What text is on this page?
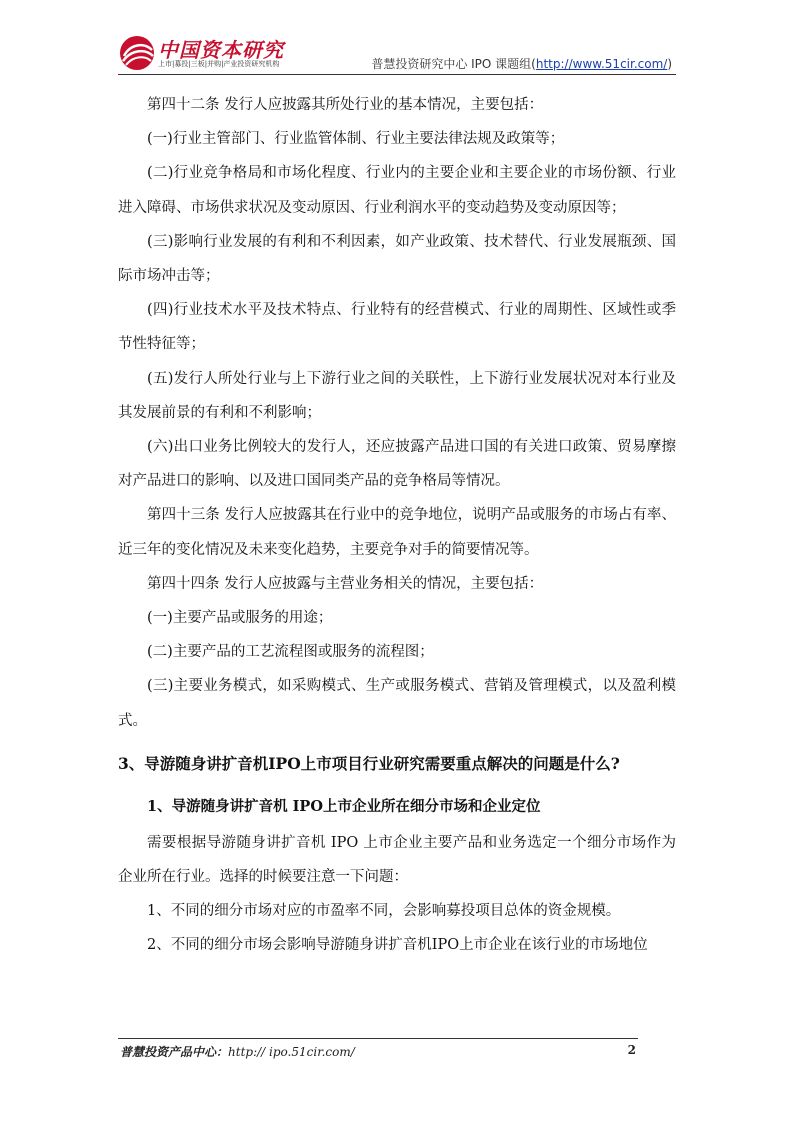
中国资本研究
上市|募投|三板|并购|产业投资研究机构	普慧投资研究中心 IPO 课题组(http://www.51cir.com/)

第四十二条 发行人应披露其所处行业的基本情况，主要包括：

(一)行业主管部门、行业监管体制、行业主要法律法规及政策等；

(二)行业竞争格局和市场化程度、行业内的主要企业和主要企业的市场份额、行业进入障碍、市场供求状况及变动原因、行业利润水平的变动趋势及变动原因等；

(三)影响行业发展的有利和不利因素，如产业政策、技术替代、行业发展瓶颈、国际市场冲击等；

(四)行业技术水平及技术特点、行业特有的经营模式、行业的周期性、区域性或季节性特征等；

(五)发行人所处行业与上下游行业之间的关联性，上下游行业发展状况对本行业及其发展前景的有利和不利影响；

(六)出口业务比例较大的发行人，还应披露产品进口国的有关进口政策、贸易摩擦对产品进口的影响、以及进口国同类产品的竞争格局等情况。

第四十三条 发行人应披露其在行业中的竞争地位，说明产品或服务的市场占有率、近三年的变化情况及未来变化趋势，主要竞争对手的简要情况等。

第四十四条 发行人应披露与主营业务相关的情况，主要包括：

(一)主要产品或服务的用途；

(二)主要产品的工艺流程图或服务的流程图；

(三)主要业务模式，如采购模式、生产或服务模式、营销及管理模式，以及盈利模式。

3、导游随身讲扩音机IPO上市项目行业研究需要重点解决的问题是什么?
1、导游随身讲扩音机 IPO上市企业所在细分市场和企业定位

需要根据导游随身讲扩音机 IPO 上市企业主要产品和业务选定一个细分市场作为企业所在行业。选择的时候要注意一下问题：

1、不同的细分市场对应的市盈率不同，会影响募投项目总体的资金规模。

2、不同的细分市场会影响导游随身讲扩音机IPO上市企业在该行业的市场地位

普慧投资产品中心：http:// ipo.51cir.com/	2
